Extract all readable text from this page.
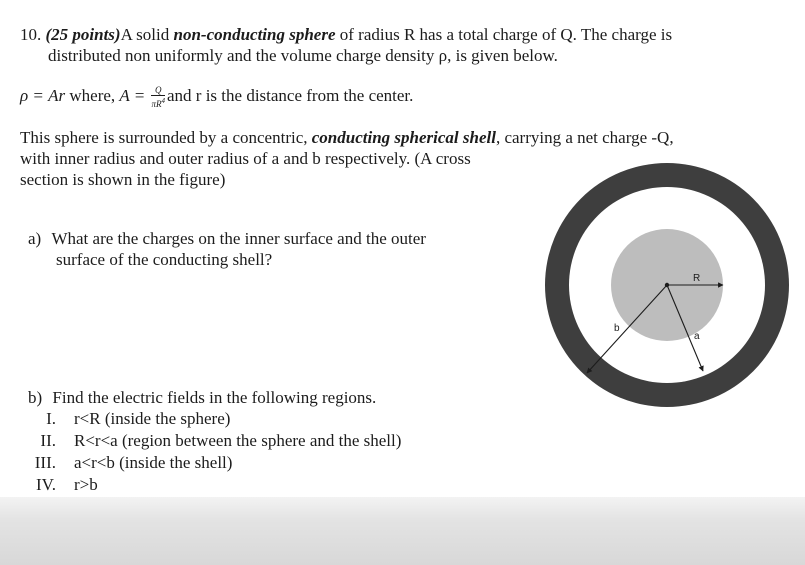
10. (25 points)A solid non-conducting sphere of radius R has a total charge of Q. The charge is
distributed non uniformly and the volume charge density ρ, is given below.
ρ = Ar where, $A = \frac{Q}{\pi R^4}$ and r is the distance from the center.
This sphere is surrounded by a concentric, conducting spherical shell, carrying a net charge -Q,
with inner radius and outer radius of a and b respectively. (A cross
section is shown in the figure)
a) What are the charges on the inner surface and the outer
surface of the conducting shell?
b) Find the electric fields in the following regions.
I. r<R (inside the sphere)
II. R<r<a (region between the sphere and the shell)
III. a<r<b (inside the shell)
IV. r>b
R
a
b
